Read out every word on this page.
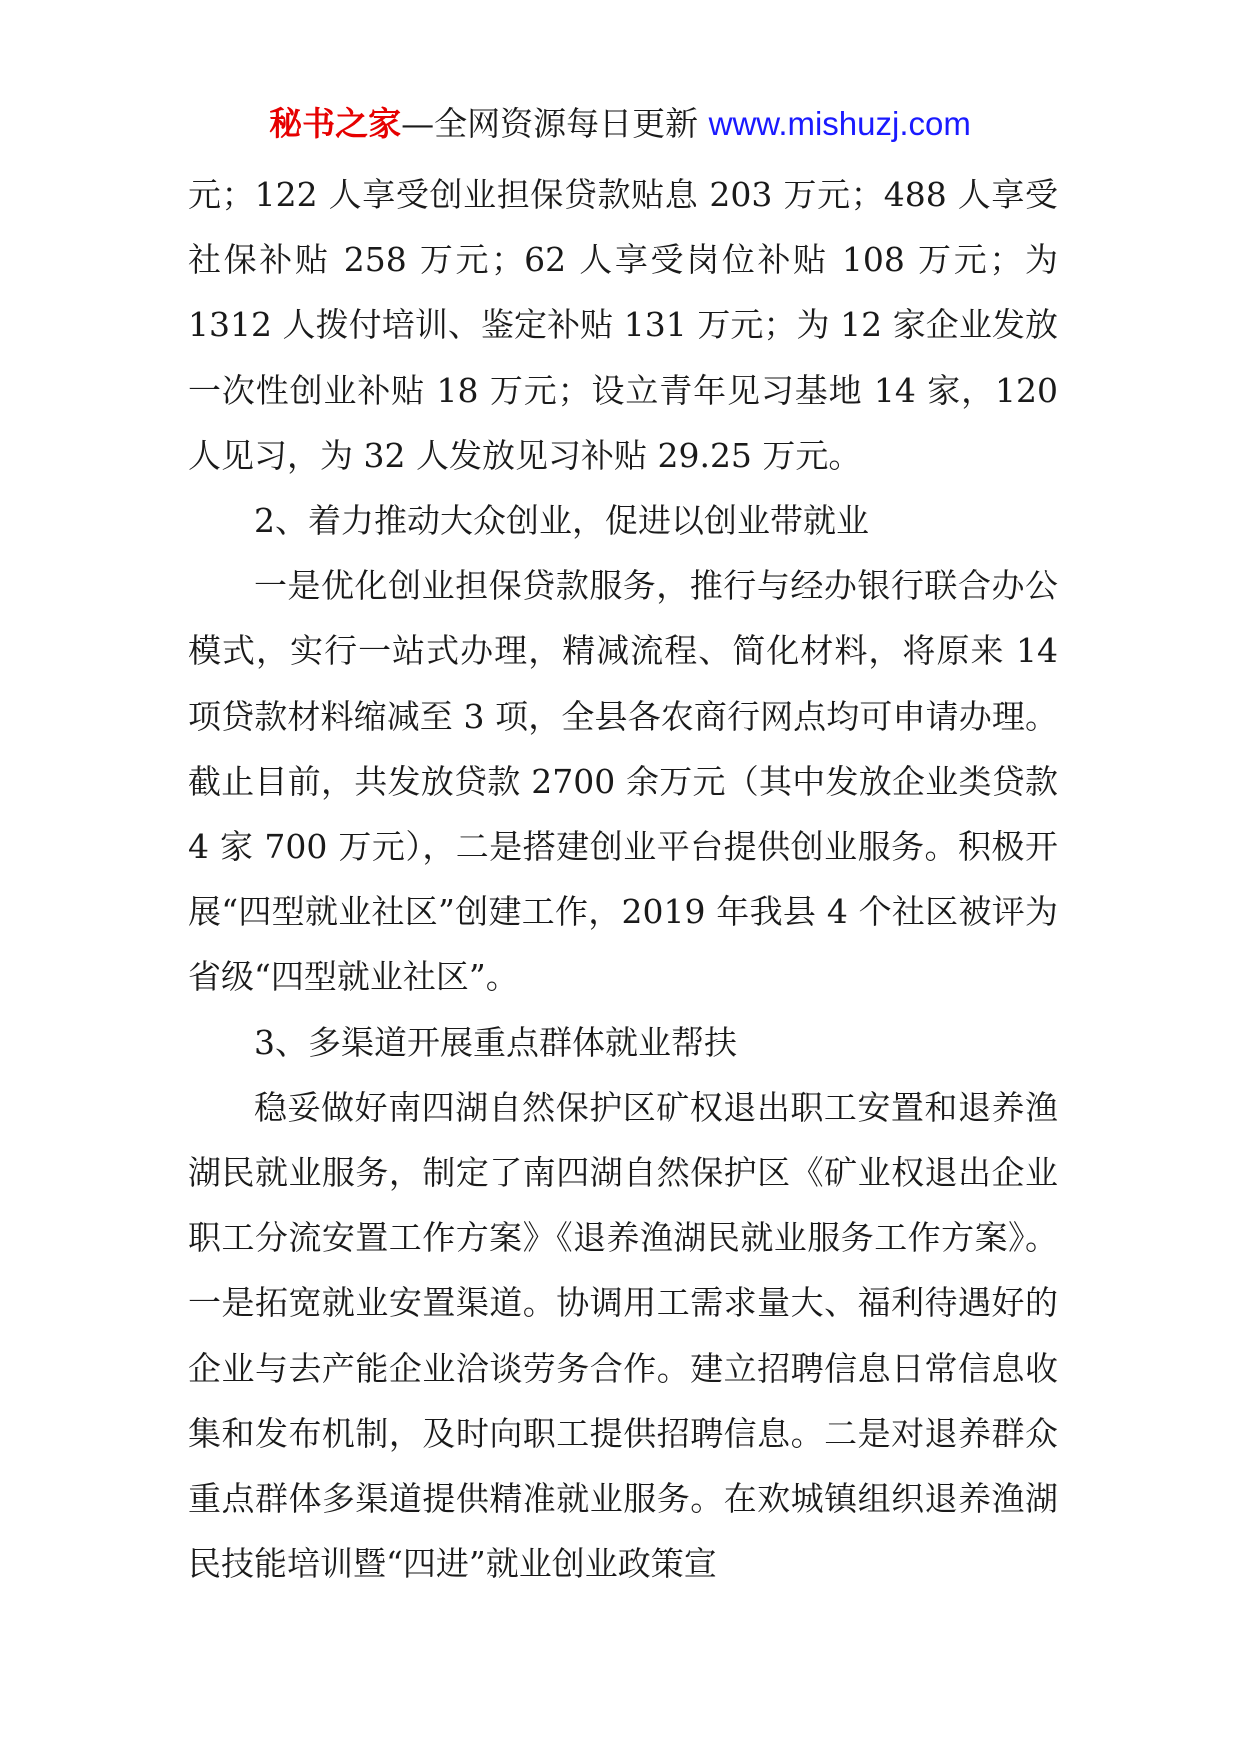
秘书之家—全网资源每日更新 www.mishuzj.com

元；122 人享受创业担保贷款贴息 203 万元；488 人享受社保补贴 258 万元；62 人享受岗位补贴 108 万元；为 1312 人拨付培训、鉴定补贴 131 万元；为 12 家企业发放一次性创业补贴 18 万元；设立青年见习基地 14 家，120 人见习，为 32 人发放见习补贴 29.25 万元。

2、着力推动大众创业，促进以创业带就业

一是优化创业担保贷款服务，推行与经办银行联合办公模式，实行一站式办理，精减流程、简化材料，将原来 14 项贷款材料缩减至 3 项，全县各农商行网点均可申请办理。截止目前，共发放贷款 2700 余万元（其中发放企业类贷款 4 家 700 万元），二是搭建创业平台提供创业服务。积极开展“四型就业社区”创建工作，2019 年我县 4 个社区被评为省级“四型就业社区”。

3、多渠道开展重点群体就业帮扶

稳妥做好南四湖自然保护区矿权退出职工安置和退养渔湖民就业服务，制定了南四湖自然保护区《矿业权退出企业职工分流安置工作方案》《退养渔湖民就业服务工作方案》。一是拓宽就业安置渠道。协调用工需求量大、福利待遇好的企业与去产能企业洽谈劳务合作。建立招聘信息日常信息收集和发布机制，及时向职工提供招聘信息。二是对退养群众重点群体多渠道提供精准就业服务。在欢城镇组织退养渔湖民技能培训暨“四进”就业创业政策宣
